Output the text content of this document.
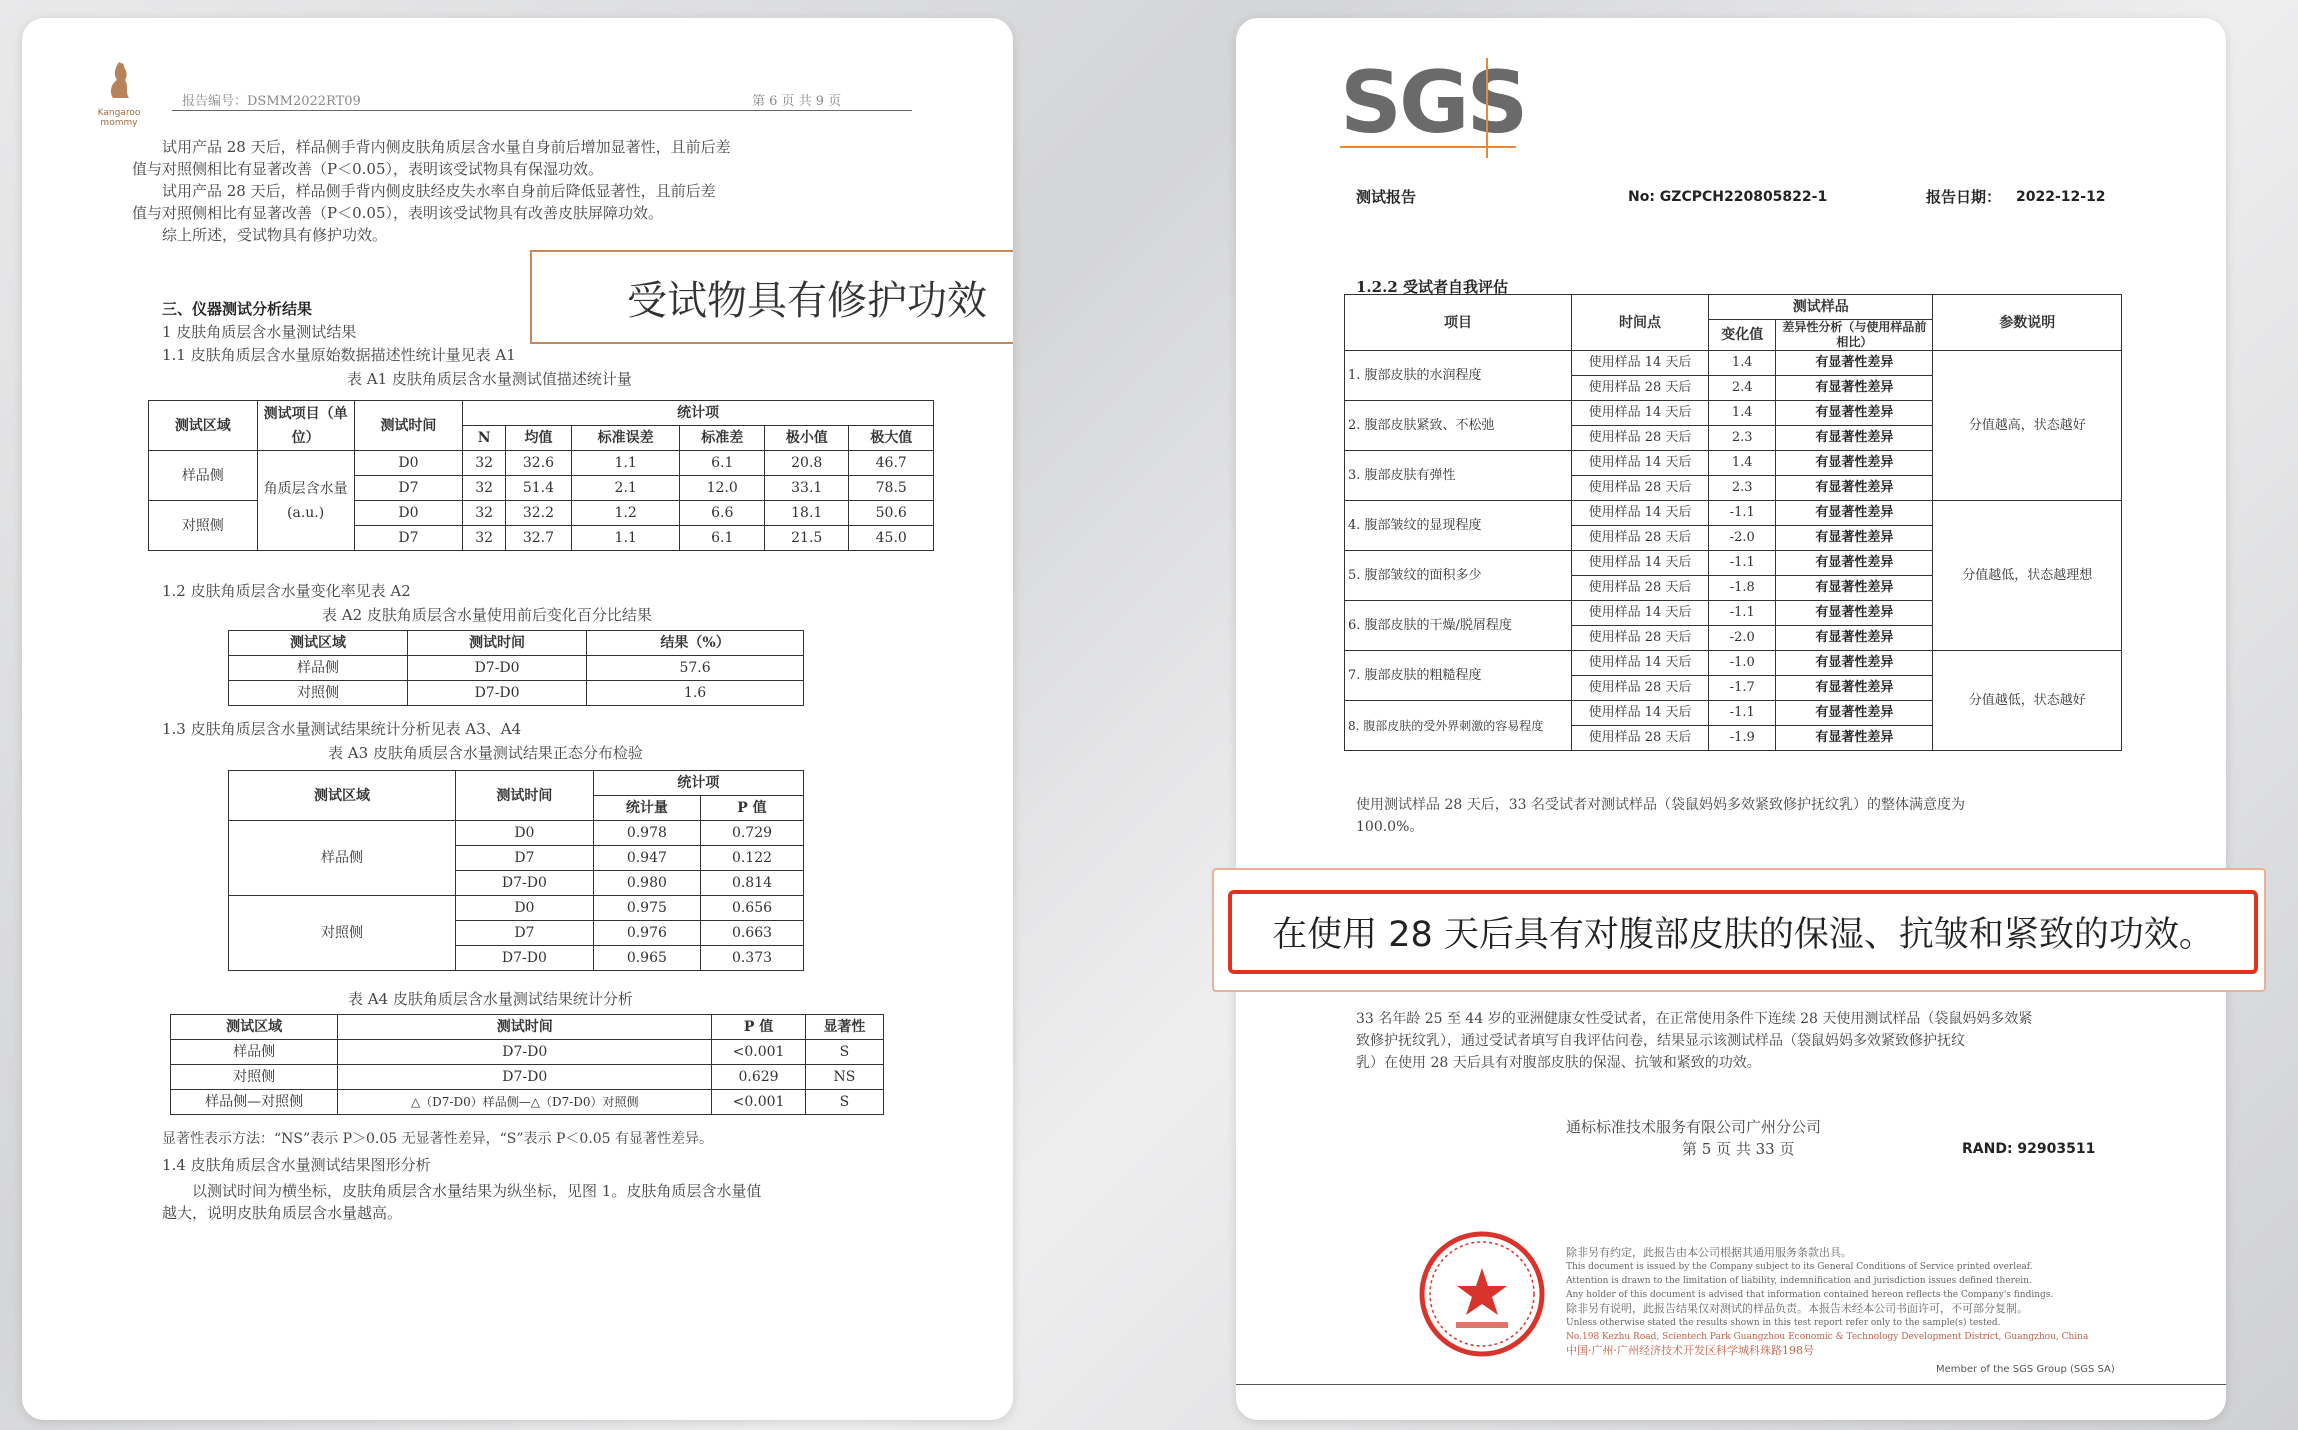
Kangaroo mommy
报告编号：DSMM2022RT09	第 6 页 共 9 页
试用产品 28 天后，样品侧手背内侧皮肤角质层含水量自身前后增加显著性，且前后差
值与对照侧相比有显著改善（P＜0.05），表明该受试物具有保湿功效。
试用产品 28 天后，样品侧手背内侧皮肤经皮失水率自身前后降低显著性，且前后差
值与对照侧相比有显著改善（P＜0.05），表明该受试物具有改善皮肤屏障功效。
综上所述，受试物具有修护功效。
受试物具有修护功效
三、仪器测试分析结果
1 皮肤角质层含水量测试结果
1.1 皮肤角质层含水量原始数据描述性统计量见表 A1
表 A1 皮肤角质层含水量测试值描述统计量
测试区域	测试项目（单位）	测试时间	统计项					
			N	均值	标准误差	标准差	极小值	极大值
样品侧	角质层含水量 (a.u.)	D0	32	32.6	1.1	6.1	20.8	46.7
		D7	32	51.4	2.1	12.0	33.1	78.5
对照侧		D0	32	32.2	1.2	6.6	18.1	50.6
		D7	32	32.7	1.1	6.1	21.5	45.0
1.2 皮肤角质层含水量变化率见表 A2
表 A2 皮肤角质层含水量使用前后变化百分比结果
测试区域	测试时间	结果（%）
样品侧	D7-D0	57.6
对照侧	D7-D0	1.6
1.3 皮肤角质层含水量测试结果统计分析见表 A3、A4
表 A3 皮肤角质层含水量测试结果正态分布检验
测试区域	测试时间	统计项	
		统计量	P 值
样品侧	D0	0.978	0.729
	D7	0.947	0.122
	D7-D0	0.980	0.814
对照侧	D0	0.975	0.656
	D7	0.976	0.663
	D7-D0	0.965	0.373
表 A4 皮肤角质层含水量测试结果统计分析
测试区域	测试时间	P 值	显著性
样品侧	D7-D0	<0.001	S
对照侧	D7-D0	0.629	NS
样品侧—对照侧	△（D7-D0）样品侧—△（D7-D0）对照侧	<0.001	S
显著性表示方法：“NS”表示 P＞0.05 无显著性差异，“S”表示 P＜0.05 有显著性差异。
1.4 皮肤角质层含水量测试结果图形分析
以测试时间为横坐标，皮肤角质层含水量结果为纵坐标，见图 1。皮肤角质层含水量值
越大，说明皮肤角质层含水量越高。
SGS
测试报告	No: GZCPCH220805822-1	报告日期： 2022-12-12
1.2.2 受试者自我评估
项目	时间点	测试样品		参数说明
		变化值	差异性分析（与使用样品前相比）	
1. 腹部皮肤的水润程度	使用样品 14 天后	1.4	有显著性差异	分值越高，状态越好
	使用样品 28 天后	2.4	有显著性差异	
2. 腹部皮肤紧致、不松弛	使用样品 14 天后	1.4	有显著性差异	
	使用样品 28 天后	2.3	有显著性差异	
3. 腹部皮肤有弹性	使用样品 14 天后	1.4	有显著性差异	
	使用样品 28 天后	2.3	有显著性差异	
4. 腹部皱纹的显现程度	使用样品 14 天后	-1.1	有显著性差异	分值越低，状态越理想
	使用样品 28 天后	-2.0	有显著性差异	
5. 腹部皱纹的面积多少	使用样品 14 天后	-1.1	有显著性差异	
	使用样品 28 天后	-1.8	有显著性差异	
6. 腹部皮肤的干燥/脱屑程度	使用样品 14 天后	-1.1	有显著性差异	
	使用样品 28 天后	-2.0	有显著性差异	
7. 腹部皮肤的粗糙程度	使用样品 14 天后	-1.0	有显著性差异	分值越低，状态越好
	使用样品 28 天后	-1.7	有显著性差异	
8. 腹部皮肤的受外界刺激的容易程度	使用样品 14 天后	-1.1	有显著性差异	
	使用样品 28 天后	-1.9	有显著性差异	
使用测试样品 28 天后，33 名受试者对测试样品（袋鼠妈妈多效紧致修护抚纹乳）的整体满意度为
100.0%。
33 名年龄 25 至 44 岁的亚洲健康女性受试者，在正常使用条件下连续 28 天使用测试样品（袋鼠妈妈多效紧
致修护抚纹乳），通过受试者填写自我评估问卷，结果显示该测试样品（袋鼠妈妈多效紧致修护抚纹
乳）在使用 28 天后具有对腹部皮肤的保湿、抗皱和紧致的功效。
通标标准技术服务有限公司广州分公司
第 5 页 共 33 页	RAND: 92903511
除非另有约定，此报告由本公司根据其通用服务条款出具。
This document is issued by the Company subject to its General Conditions of Service printed overleaf.
Attention is drawn to the limitation of liability, indemnification and jurisdiction issues defined therein.
Any holder of this document is advised that information contained hereon reflects the Company's findings.
除非另有说明，此报告结果仅对测试的样品负责。本报告未经本公司书面许可，不可部分复制。
Unless otherwise stated the results shown in this test report refer only to the sample(s) tested.
No.198 Kezhu Road, Scientech Park Guangzhou Economic & Technology Development District, Guangzhou, China
中国·广州·广州经济技术开发区科学城科珠路198号
Member of the SGS Group (SGS SA)
在使用 28 天后具有对腹部皮肤的保湿、抗皱和紧致的功效。
